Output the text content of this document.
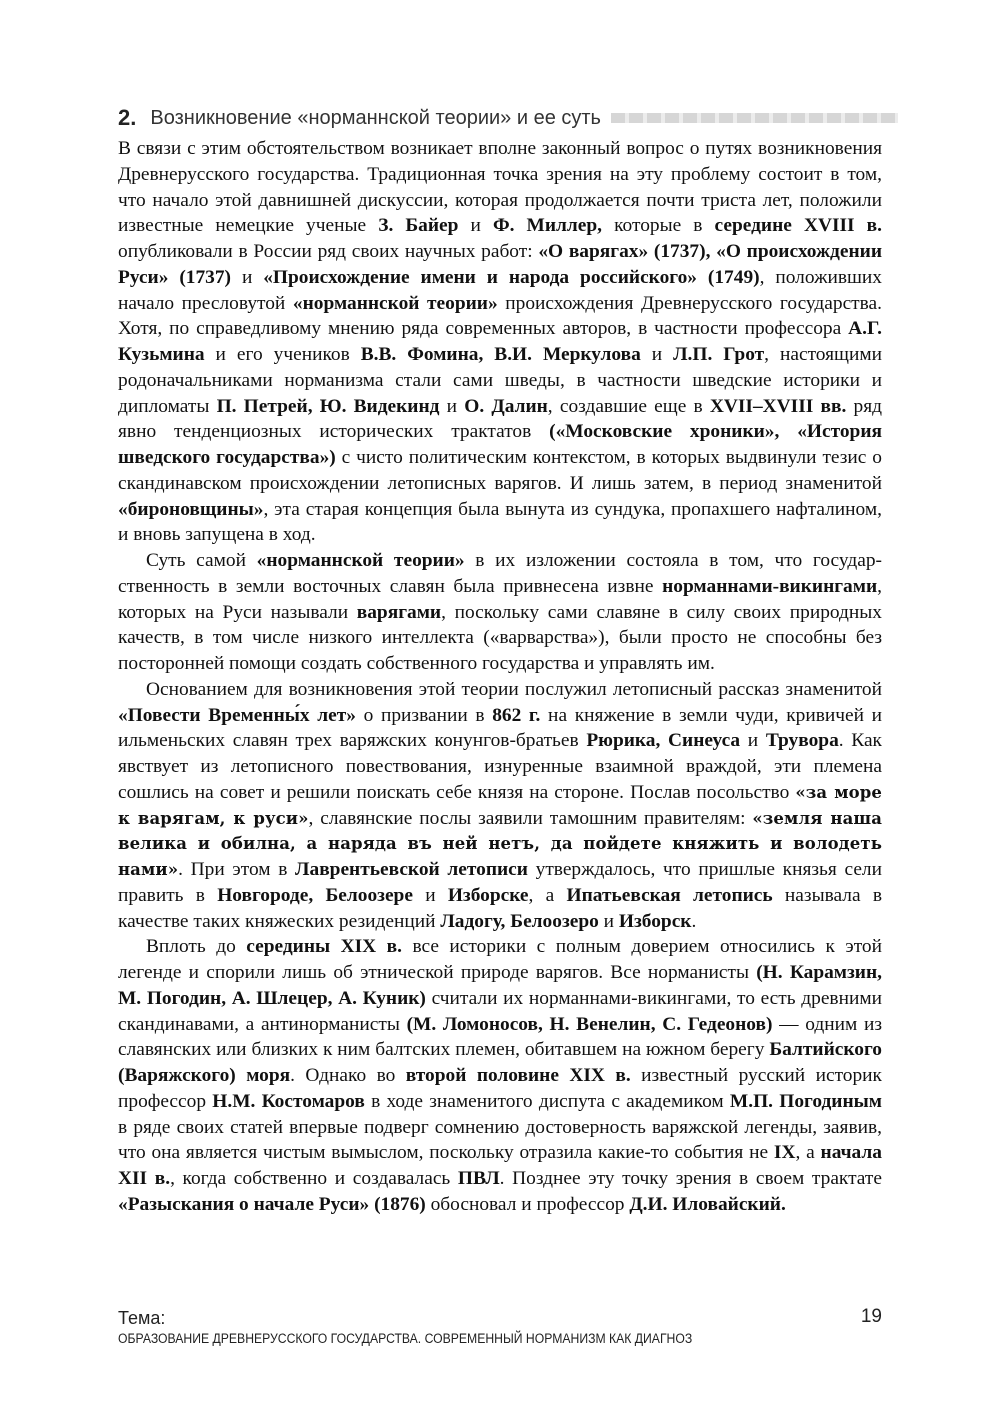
2. Возникновение «норманнской теории» и ее суть

В связи с этим обстоятельством возникает вполне законный вопрос о путях возникновения Древнерусского государства. Традиционная точка зрения на эту проблему состоит в том, что начало этой давнишней дискуссии, которая продолжается почти триста лет, положили известные немецкие ученые З. Байер и Ф. Миллер, которые в середине XVIII в. опубликовали в России ряд своих научных работ: «О варягах» (1737), «О происхождении Руси» (1737) и «Происхождение имени и народа российского» (1749), положивших начало пресловутой «норманнской теории» происхождения Древнерусского государства. Хотя, по справедливому мнению ряда современных авторов, в частности профессора А.Г. Кузьмина и его учеников В.В. Фомина, В.И. Меркулова и Л.П. Грот, настоящими родоначальниками норманизма стали сами шведы, в частности шведские историки и дипломаты П. Петрей, Ю. Видекинд и О. Далин, создавшие еще в XVII–XVIII вв. ряд явно тенденциозных исторических трактатов («Московские хроники», «История шведского государства») с чисто политическим контекстом, в которых выдвинули тезис о скандинавском происхождении летописных варягов. И лишь затем, в период знаменитой «бироновщины», эта старая концепция была вынута из сундука, пропахшего нафталином, и вновь запущена в ход.

Суть самой «норманнской теории» в их изложении состояла в том, что государственность в земли восточных славян была привнесена извне норманнами-викингами, которых на Руси называли варягами, поскольку сами славяне в силу своих природных качеств, в том числе низкого интеллекта («варварства»), были просто не способны без посторонней помощи создать собственного государства и управлять им.

Основанием для возникновения этой теории послужил летописный рассказ знаменитой «Повести Временны́х лет» о призвании в 862 г. на княжение в земли чуди, кривичей и ильменьских славян трех варяжских конунгов-братьев Рюрика, Синеуса и Трувора. Как явствует из летописного повествования, изнуренные взаимной враждой, эти племена сошлись на совет и решили поискать себе князя на стороне. Послав посольство «за море к варягам, к руси», славянские послы заявили тамошним правителям: «земля наша велика и обилна, а наряда въ ней нетъ, да пойдете княжить и володеть нами». При этом в Лаврентьевской летописи утверждалось, что пришлые князья сели править в Новгороде, Белоозере и Изборске, а Ипатьевская летопись называла в качестве таких княжеских резиденций Ладогу, Белоозеро и Изборск.

Вплоть до середины XIX в. все историки с полным доверием относились к этой легенде и спорили лишь об этнической природе варягов. Все норманисты (Н. Карамзин, М. Погодин, А. Шлецер, А. Куник) считали их норманнами-викингами, то есть древними скандинавами, а антинорманисты (М. Ломоносов, Н. Венелин, С. Гедеонов) — одним из славянских или близких к ним балтских племен, обитавшем на южном берегу Балтийского (Варяжского) моря. Однако во второй половине XIX в. известный русский историк профессор Н.М. Костомаров в ходе знаменитого диспута с академиком М.П. Погодиным в ряде своих статей впервые подверг сомнению достоверность варяжской легенды, заявив, что она является чистым вымыслом, поскольку отразила какие-то события не IX, а начала XII в., когда собственно и создавалась ПВЛ. Позднее эту точку зрения в своем трактате «Разыскания о начале Руси» (1876) обосновал и профессор Д.И. Иловайский.

Тема:
ОБРАЗОВАНИЕ ДРЕВНЕРУССКОГО ГОСУДАРСТВА. СОВРЕМЕННЫЙ НОРМАНИЗМ КАК ДИАГНОЗ
19
